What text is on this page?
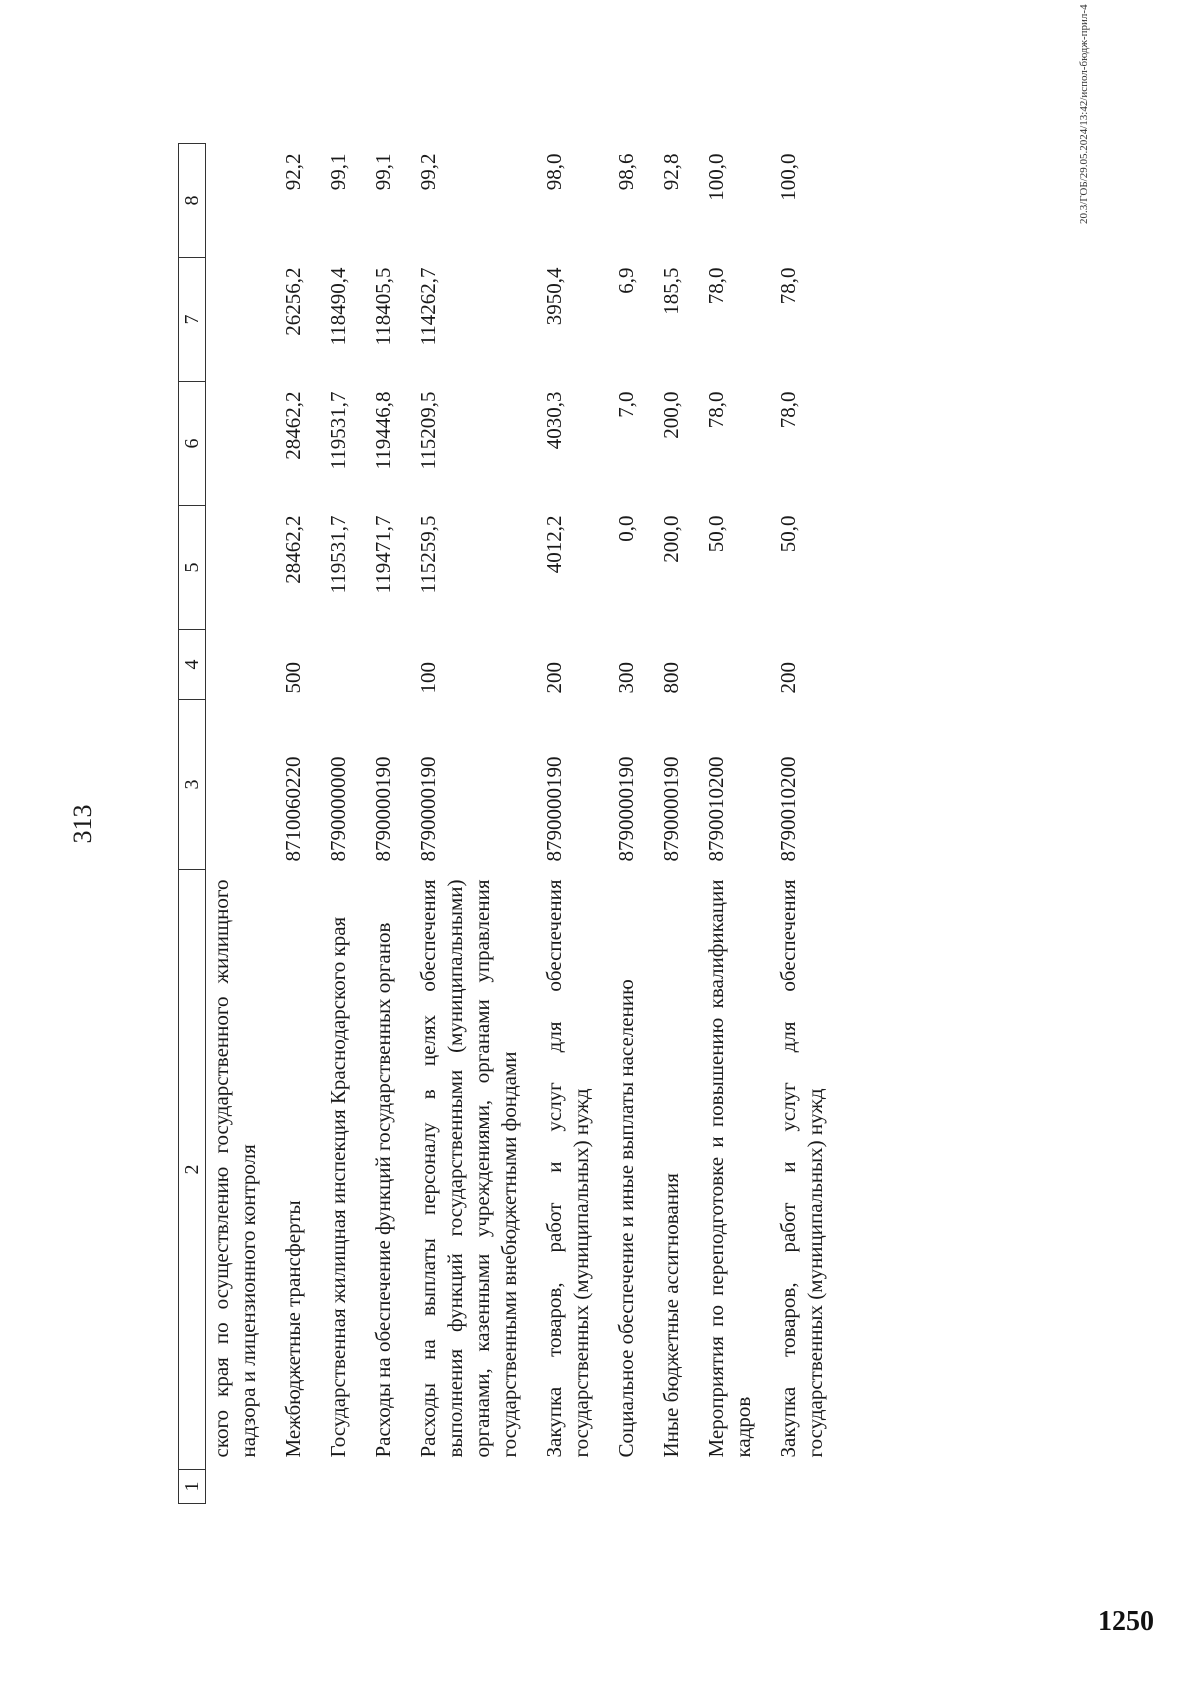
313
1	2	3	4	5	6	7	8
	ского края по осуществлению государственного жилищного надзора и лицензионного контроля						
	Межбюджетные трансферты	8710060220	500	28462,2	28462,2	26256,2	92,2
	Государственная жилищная инспекция Краснодарского края	8790000000		119531,7	119531,7	118490,4	99,1
	Расходы на обеспечение функций государственных органов	8790000190		119471,7	119446,8	118405,5	99,1
	Расходы на выплаты персоналу в целях обеспечения выполнения функций государственными (муниципальными) органами, казенными учреждениями, органами управления государственными внебюджетными фондами	8790000190	100	115259,5	115209,5	114262,7	99,2
	Закупка товаров, работ и услуг для обеспечения государственных (муниципальных) нужд	8790000190	200	4012,2	4030,3	3950,4	98,0
	Социальное обеспечение и иные выплаты населению	8790000190	300	0,0	7,0	6,9	98,6
	Иные бюджетные ассигнования	8790000190	800	200,0	200,0	185,5	92,8
	Мероприятия по переподготовке и повышению квалификации кадров	8790010200		50,0	78,0	78,0	100,0
	Закупка товаров, работ и услуг для обеспечения государственных (муниципальных) нужд	8790010200	200	50,0	78,0	78,0	100,0	20.3/ГОБ/29.05.2024/13:42/испол-бюдж-прил-4
1250
